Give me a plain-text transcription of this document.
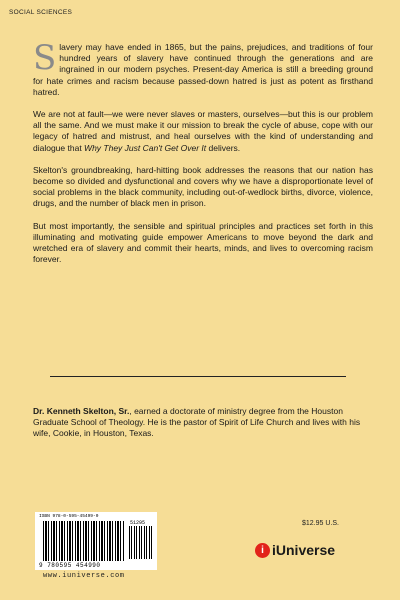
SOCIAL SCIENCES

Slavery may have ended in 1865, but the pains, prejudices, and traditions of four hundred years of slavery have continued through the generations and are ingrained in our modern psyches. Present-day America is still a breeding ground for hate crimes and racism because passed-down hatred is just as potent as firsthand hatred.

We are not at fault—we were never slaves or masters, ourselves—but this is our problem all the same. And we must make it our mission to break the cycle of abuse, cope with our legacy of hatred and mistrust, and heal ourselves with the kind of understanding and dialogue that Why They Just Can't Get Over It delivers.

Skelton's groundbreaking, hard-hitting book addresses the reasons that our nation has become so divided and dysfunctional and covers why we have a disproportionate level of social problems in the black community, including out-of-wedlock births, divorce, violence, drugs, and the number of black men in prison.

But most importantly, the sensible and spiritual principles and practices set forth in this illuminating and motivating guide empower Americans to move beyond the dark and wretched era of slavery and commit their hearts, minds, and lives to overcoming racism forever.

Dr. Kenneth Skelton, Sr., earned a doctorate of ministry degree from the Houston Graduate School of Theology. He is the pastor of Spirit of Life Church and lives with his wife, Cookie, in Houston, Texas.
ISBN 978-0-595-45499-0
51295
9 780595 454990
www.iuniverse.com
$12.95 U.S.
i iUniverse
